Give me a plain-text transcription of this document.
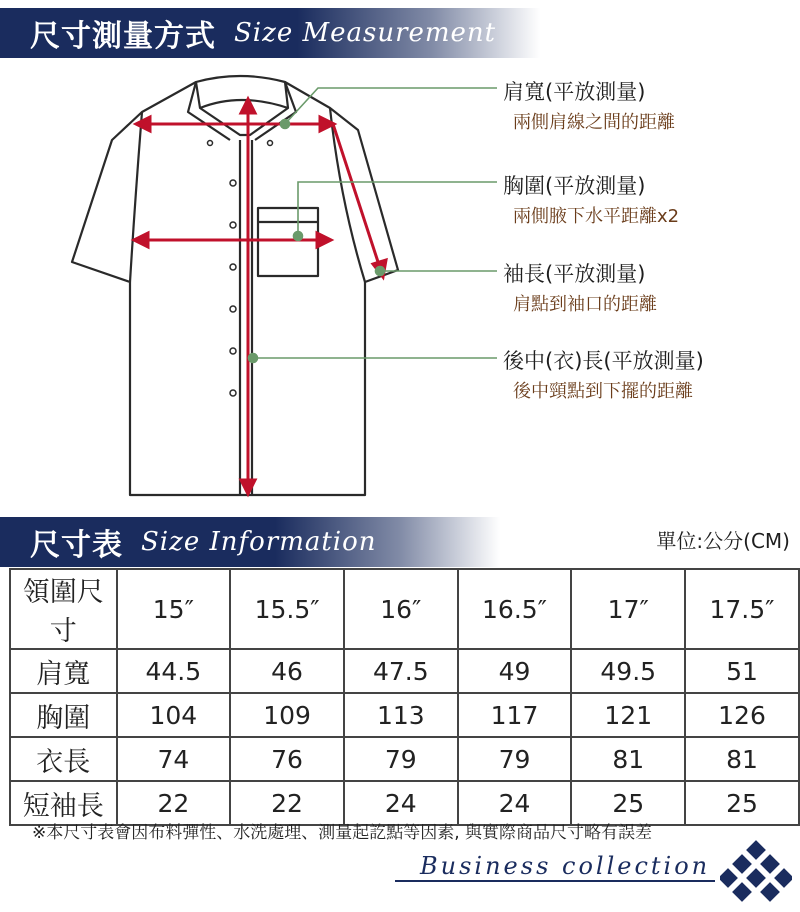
尺寸測量方式 Size Measurement
肩寬(平放測量)
兩側肩線之間的距離
胸圍(平放測量)
兩側腋下水平距離x2
袖長(平放測量)
肩點到袖口的距離
後中(衣)長(平放測量)
後中頸點到下擺的距離
尺寸表 Size Information	單位:公分(CM)
領圍尺寸	15″	15.5″	16″	16.5″	17″	17.5″
肩寬	44.5	46	47.5	49	49.5	51
胸圍	104	109	113	117	121	126
衣長	74	76	79	79	81	81
短袖長	22	22	24	24	25	25
※本尺寸表會因布料彈性、水洗處理、測量起訖點等因素, 與實際商品尺寸略有誤差
Business collection
